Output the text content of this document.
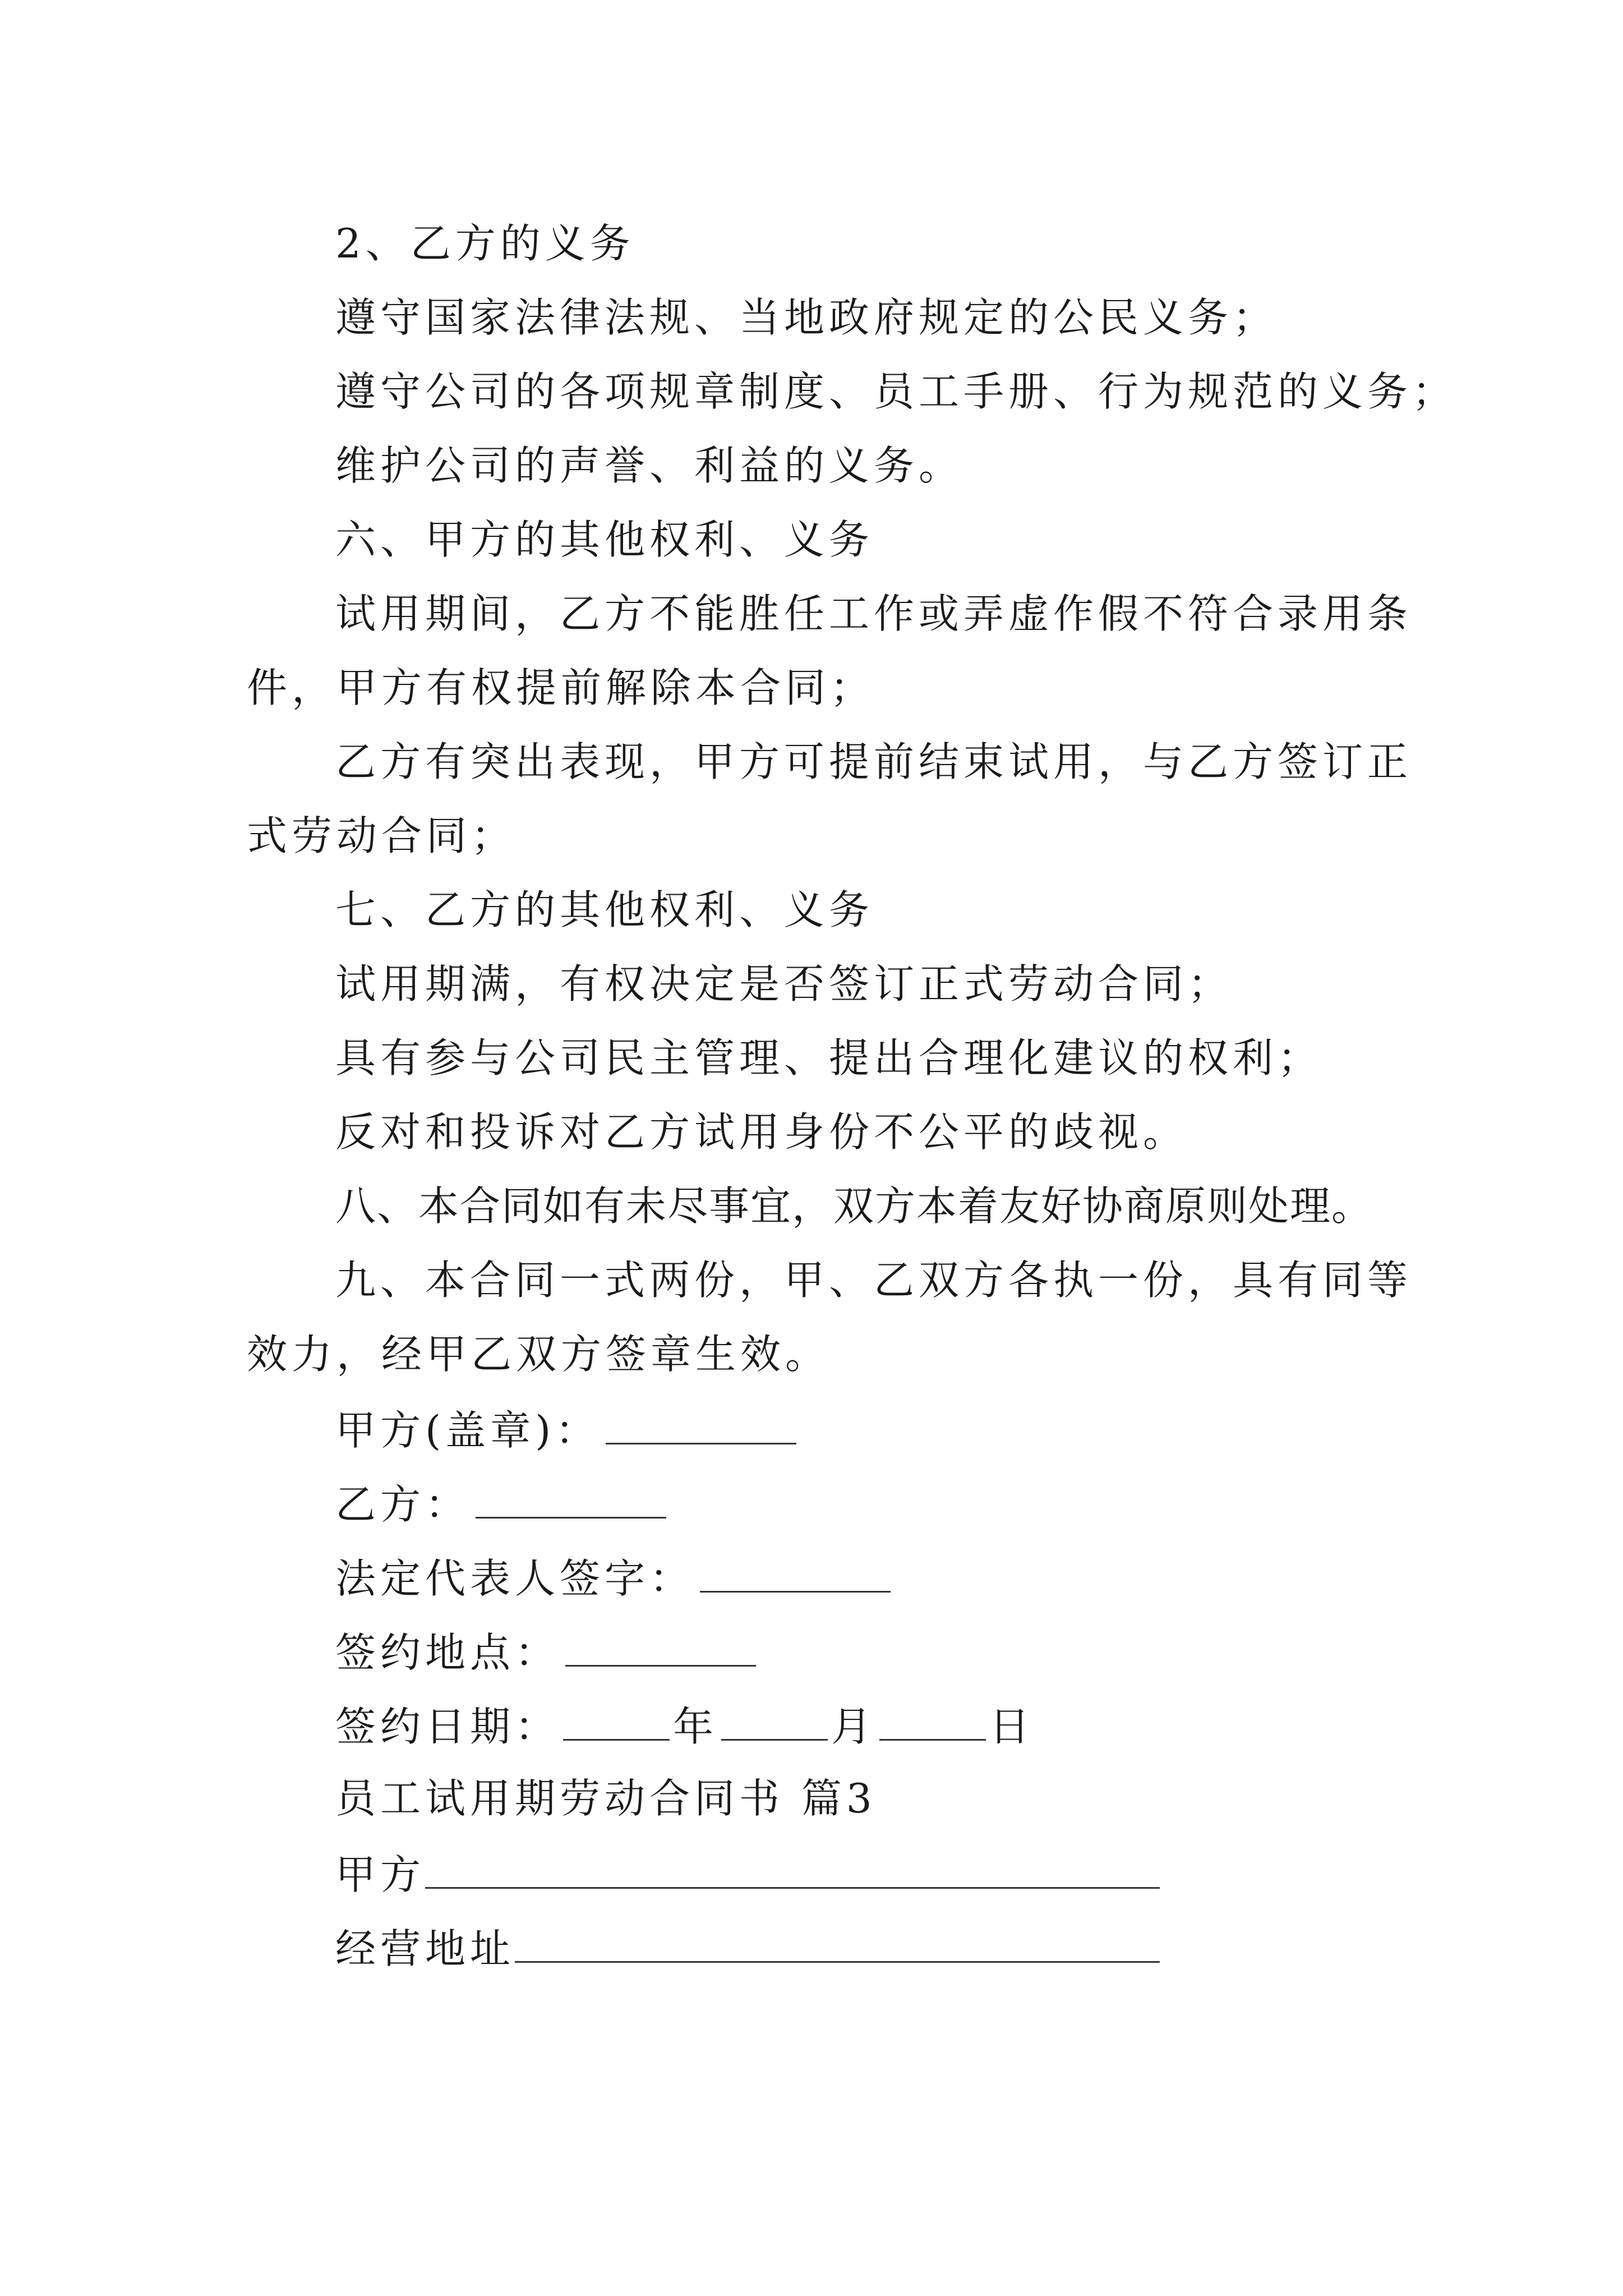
2、乙方的义务
遵守国家法律法规、当地政府规定的公民义务；
遵守公司的各项规章制度、员工手册、行为规范的义务；
维护公司的声誉、利益的义务。
六、甲方的其他权利、义务
试用期间，乙方不能胜任工作或弄虚作假不符合录用条
件，甲方有权提前解除本合同；
乙方有突出表现，甲方可提前结束试用，与乙方签订正
式劳动合同；
七、乙方的其他权利、义务
试用期满，有权决定是否签订正式劳动合同；
具有参与公司民主管理、提出合理化建议的权利；
反对和投诉对乙方试用身份不公平的歧视。
八、本合同如有未尽事宜，双方本着友好协商原则处理。
九、本合同一式两份，甲、乙双方各执一份，具有同等
效力，经甲乙双方签章生效。
甲方(盖章)：
乙方：
法定代表人签字：
签约地点：
签约日期：	年	月	日
员工试用期劳动合同书 篇3
甲方
经营地址
